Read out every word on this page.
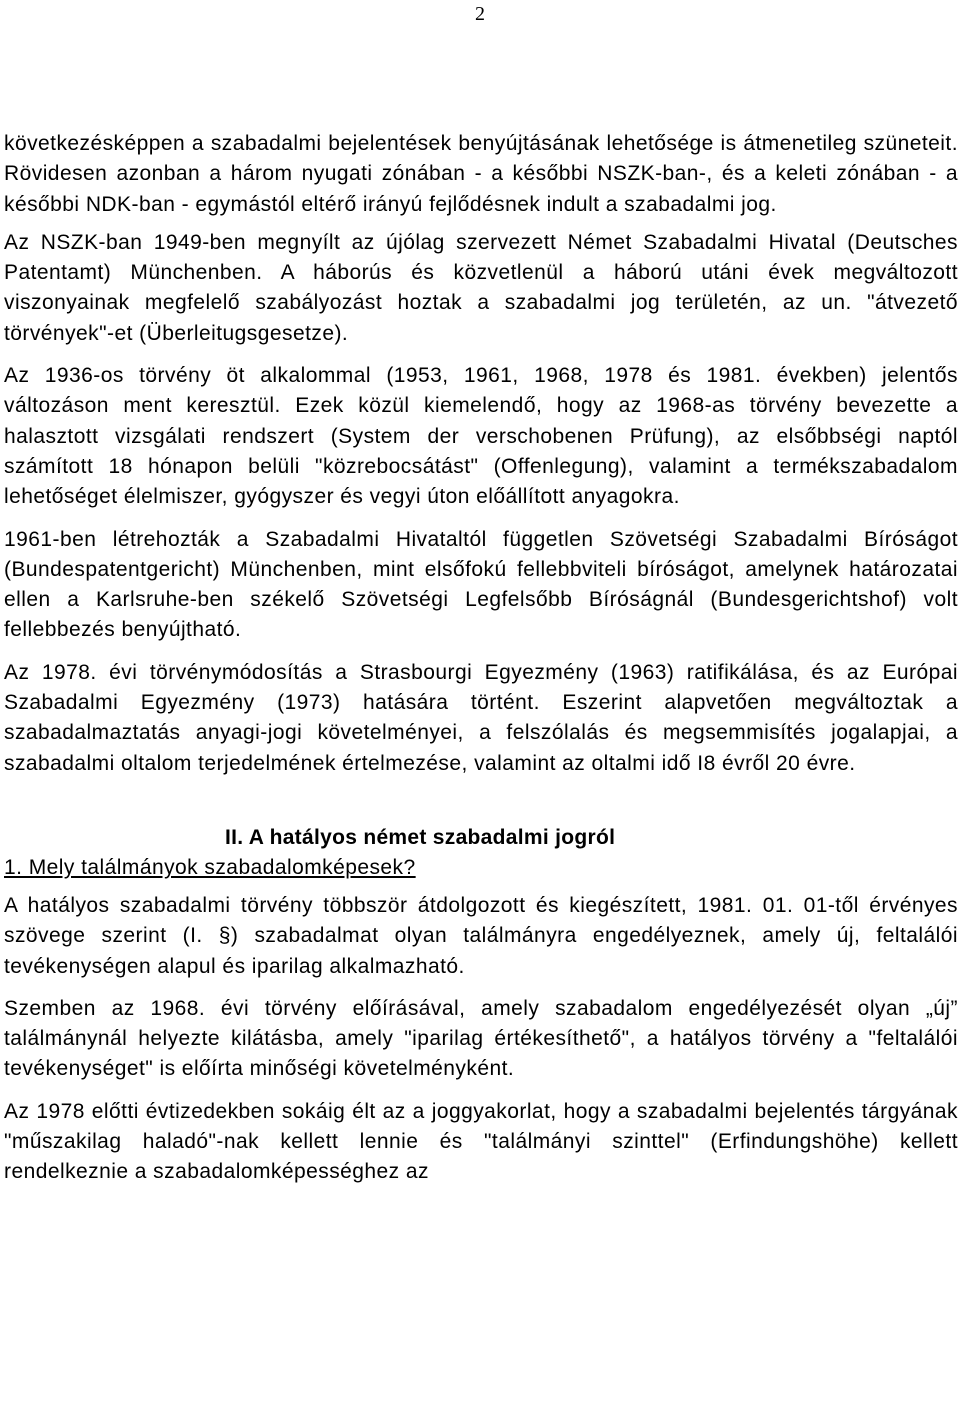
2

következésképpen a szabadalmi bejelentések benyújtásának lehetősége is átmenetileg szüneteit. Rövidesen azonban a három nyugati zónában - a későbbi NSZK-ban-, és a keleti zónában - a későbbi NDK-ban - egymástól eltérő irányú fejlődésnek indult a szabadalmi jog.

Az NSZK-ban 1949-ben megnyílt az újólag szervezett Német Szabadalmi Hivatal (Deutsches Patentamt) Münchenben. A háborús és közvetlenül a háború utáni évek megváltozott viszonyainak megfelelő szabályozást hoztak a szabadalmi jog területén, az un. "átvezető törvények"-et (Überleitugsgesetze).

Az 1936-os törvény öt alkalommal (1953, 1961, 1968, 1978 és 1981. években) jelentős változáson ment keresztül. Ezek közül kiemelendő, hogy az 1968-as törvény bevezette a halasztott vizsgálati rendszert (System der verschobenen Prüfung), az elsőbbségi naptól számított 18 hónapon belüli "közrebocsátást" (Offenlegung), valamint a termékszabadalom lehetőséget élelmiszer, gyógyszer és vegyi úton előállított anyagokra.

1961-ben létrehozták a Szabadalmi Hivataltól független Szövetségi Szabadalmi Bíróságot (Bundespatentgericht) Münchenben, mint elsőfokú fellebbviteli bíróságot, amelynek határozatai ellen a Karlsruhe-ben székelő Szövetségi Legfelsőbb Bíróságnál (Bundesgerichtshof) volt fellebbezés benyújtható.

Az 1978. évi törvénymódosítás a Strasbourgi Egyezmény (1963) ratifikálása, és az Európai Szabadalmi Egyezmény (1973) hatására történt. Eszerint alapvetően megváltoztak a szabadalmaztatás anyagi-jogi követelményei, a felszólalás és megsemmisítés jogalapjai, a szabadalmi oltalom terjedelmének értelmezése, valamint az oltalmi idő I8 évről 20 évre.

II. A hatályos német szabadalmi jogról
1. Mely találmányok szabadalomképesek?

A hatályos szabadalmi törvény többször átdolgozott és kiegészített, 1981. 01. 01-től érvényes szövege szerint (I. §) szabadalmat olyan találmányra engedélyeznek, amely új, feltalálói tevékenységen alapul és iparilag alkalmazható.

Szemben az 1968. évi törvény előírásával, amely szabadalom engedélyezését olyan „új” találmánynál helyezte kilátásba, amely "iparilag értékesíthető", a hatályos törvény a "feltalálói tevékenységet" is előírta minőségi követelményként.

Az 1978 előtti évtizedekben sokáig élt az a joggyakorlat, hogy a szabadalmi bejelentés tárgyának "műszakilag haladó"-nak kellett lennie és "találmányi szinttel" (Erfindungshöhe) kellett rendelkeznie a szabadalomképességhez az
